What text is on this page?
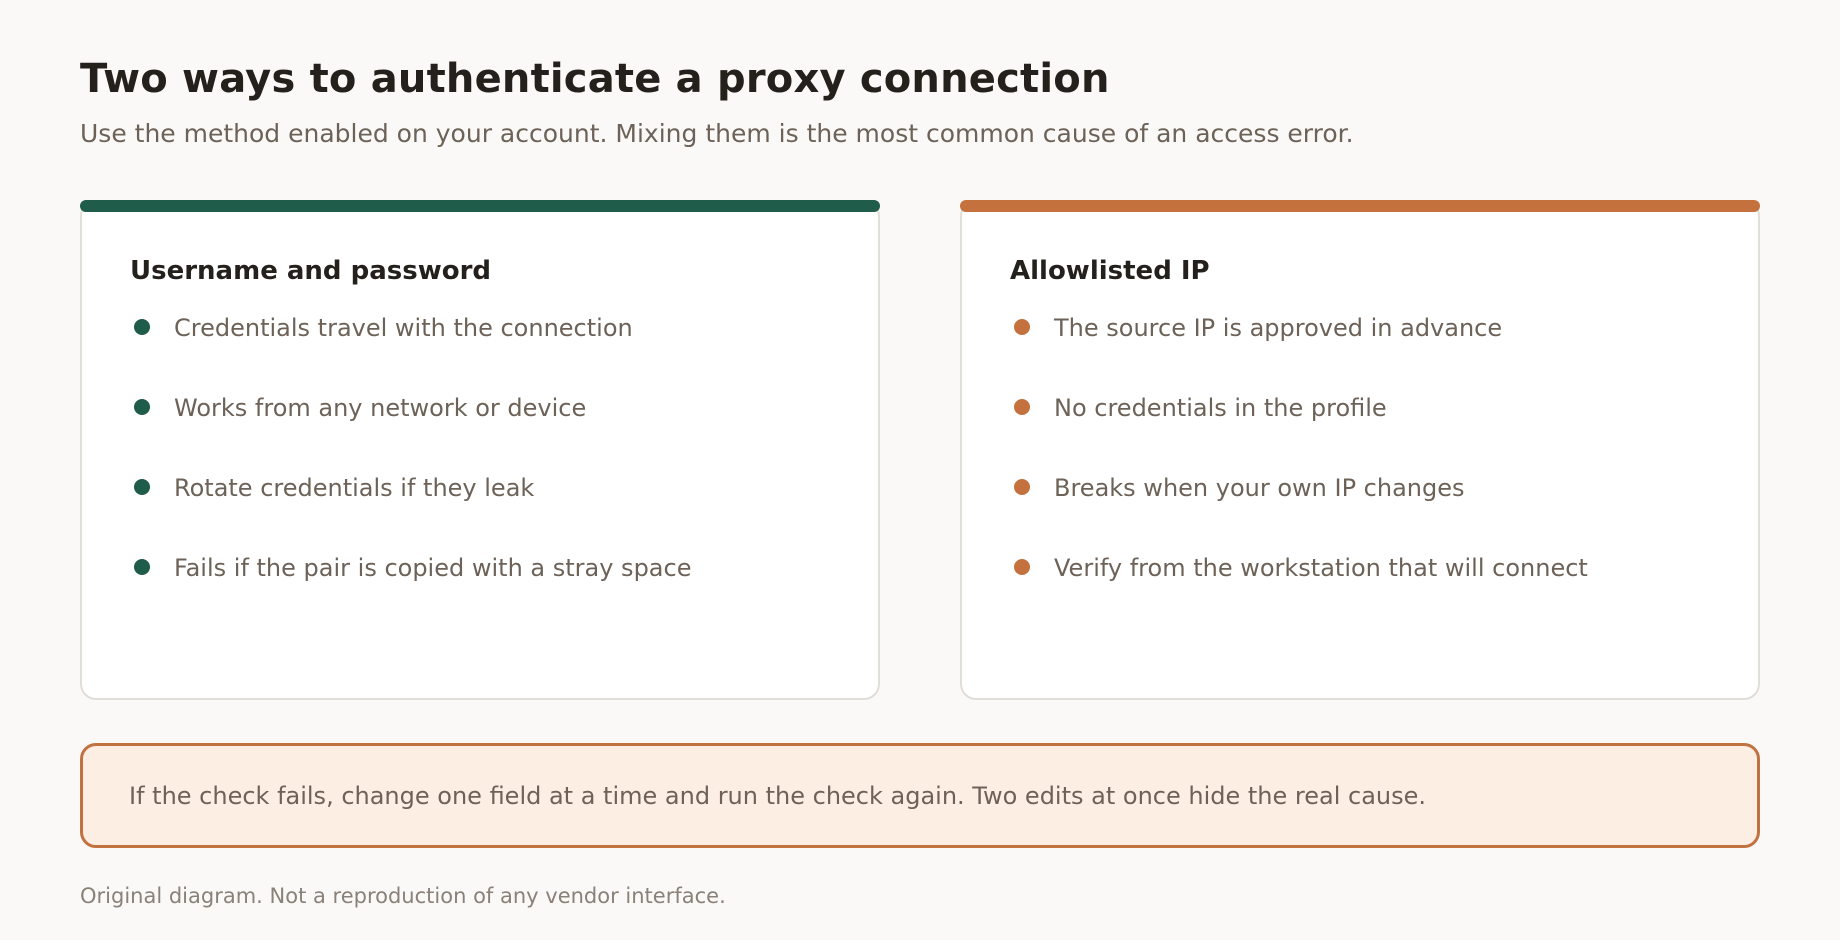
Two ways to authenticate a proxy connection

Use the method enabled on your account. Mixing them is the most common cause of an access error.

Username and password
Credentials travel with the connection
Works from any network or device
Rotate credentials if they leak
Fails if the pair is copied with a stray space
Allowlisted IP
The source IP is approved in advance
No credentials in the profile
Breaks when your own IP changes
Verify from the workstation that will connect
If the check fails, change one field at a time and run the check again. Two edits at once hide the real cause.

Original diagram. Not a reproduction of any vendor interface.
